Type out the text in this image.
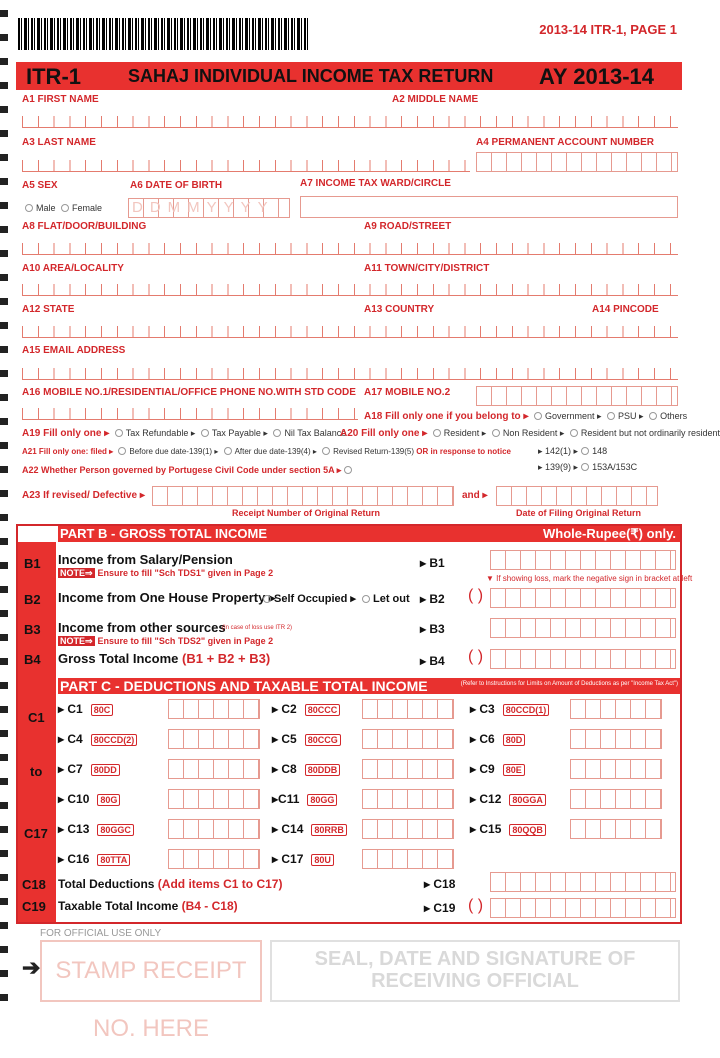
2013-14 ITR-1, PAGE 1
ITR-1	SAHAJ INDIVIDUAL INCOME TAX RETURN AY 2013-14
A1 FIRST NAME	A2 MIDDLE NAME
A3 LAST NAME	A4 PERMANENT ACCOUNT NUMBER
A5 SEX	A6 DATE OF BIRTH	A7 INCOME TAX WARD/CIRCLE
Male Female DDMMYYYY
A8 FLAT/DOOR/BUILDING	A9 ROAD/STREET
A10 AREA/LOCALITY	A11 TOWN/CITY/DISTRICT
A12 STATE	A13 COUNTRY	A14 PINCODE
A15 EMAIL ADDRESS
A16 MOBILE NO.1/RESIDENTIAL/OFFICE PHONE NO.WITH STD CODE A17 MOBILE NO.2
A18 Fill only one if you belong to ▸ Government ▸ PSU ▸ Others
A19 Fill only one ▸ Tax Refundable ▸ Tax Payable ▸ Nil Tax Balance
A20 Fill only one ▸ Resident ▸ Non Resident ▸ Resident but not ordinarily resident
A21 Fill only one: filed ▸ Before due date-139(1) ▸ After due date-139(4) ▸ Revised Return-139(5) OR in response to notice	▸ 142(1) ▸ 148
▸ 139(9) ▸ 153A/153C
A22 Whether Person governed by Portugese Civil Code under section 5A ▸
A23 If revised/ Defective ▸	and ▸
Receipt Number of Original Return	Date of Filing Original Return
PART B - GROSS TOTAL INCOME	Whole-Rupee(₹) only.
B1 Income from Salary/Pension
NOTE⇒ Ensure to fill "Sch TDS1" given in Page 2
▸ B1
▼ If showing loss, mark the negative sign in bracket at left
B2 Income from One House Property ▸
Self Occupied ▸ Let out ▸ B2 ( )
B3 Income from other sources
(In case of loss use ITR 2)
NOTE⇒ Ensure to fill "Sch TDS2" given in Page 2
▸ B3
B4 Gross Total Income (B1 + B2 + B3)	▸ B4 ( )
PART C - DEDUCTIONS AND TAXABLE TOTAL INCOME	(Refer to Instructions for Limits on Amount of Deductions as per "Income Tax Act")
C1
to
C17
▸ C1 80C	▸ C2 80CCC	▸ C3 80CCD(1)
▸ C4 80CCD(2)	▸ C5 80CCG	▸ C6 80D
▸ C7 80DD	▸ C8 80DDB	▸ C9 80E
▸ C10 80G	▸C11 80GG	▸ C12 80GGA
▸ C13 80GGC	▸ C14 80RRB	▸ C15 80QQB
▸ C16 80TTA	▸ C17 80U
C18 Total Deductions (Add items C1 to C17)	▸ C18
C19 Taxable Total Income (B4 - C18)	▸ C19 ( )
FOR OFFICIAL USE ONLY
➔ STAMP RECEIPT NO. HERE
SEAL, DATE AND SIGNATURE OF RECEIVING OFFICIAL
